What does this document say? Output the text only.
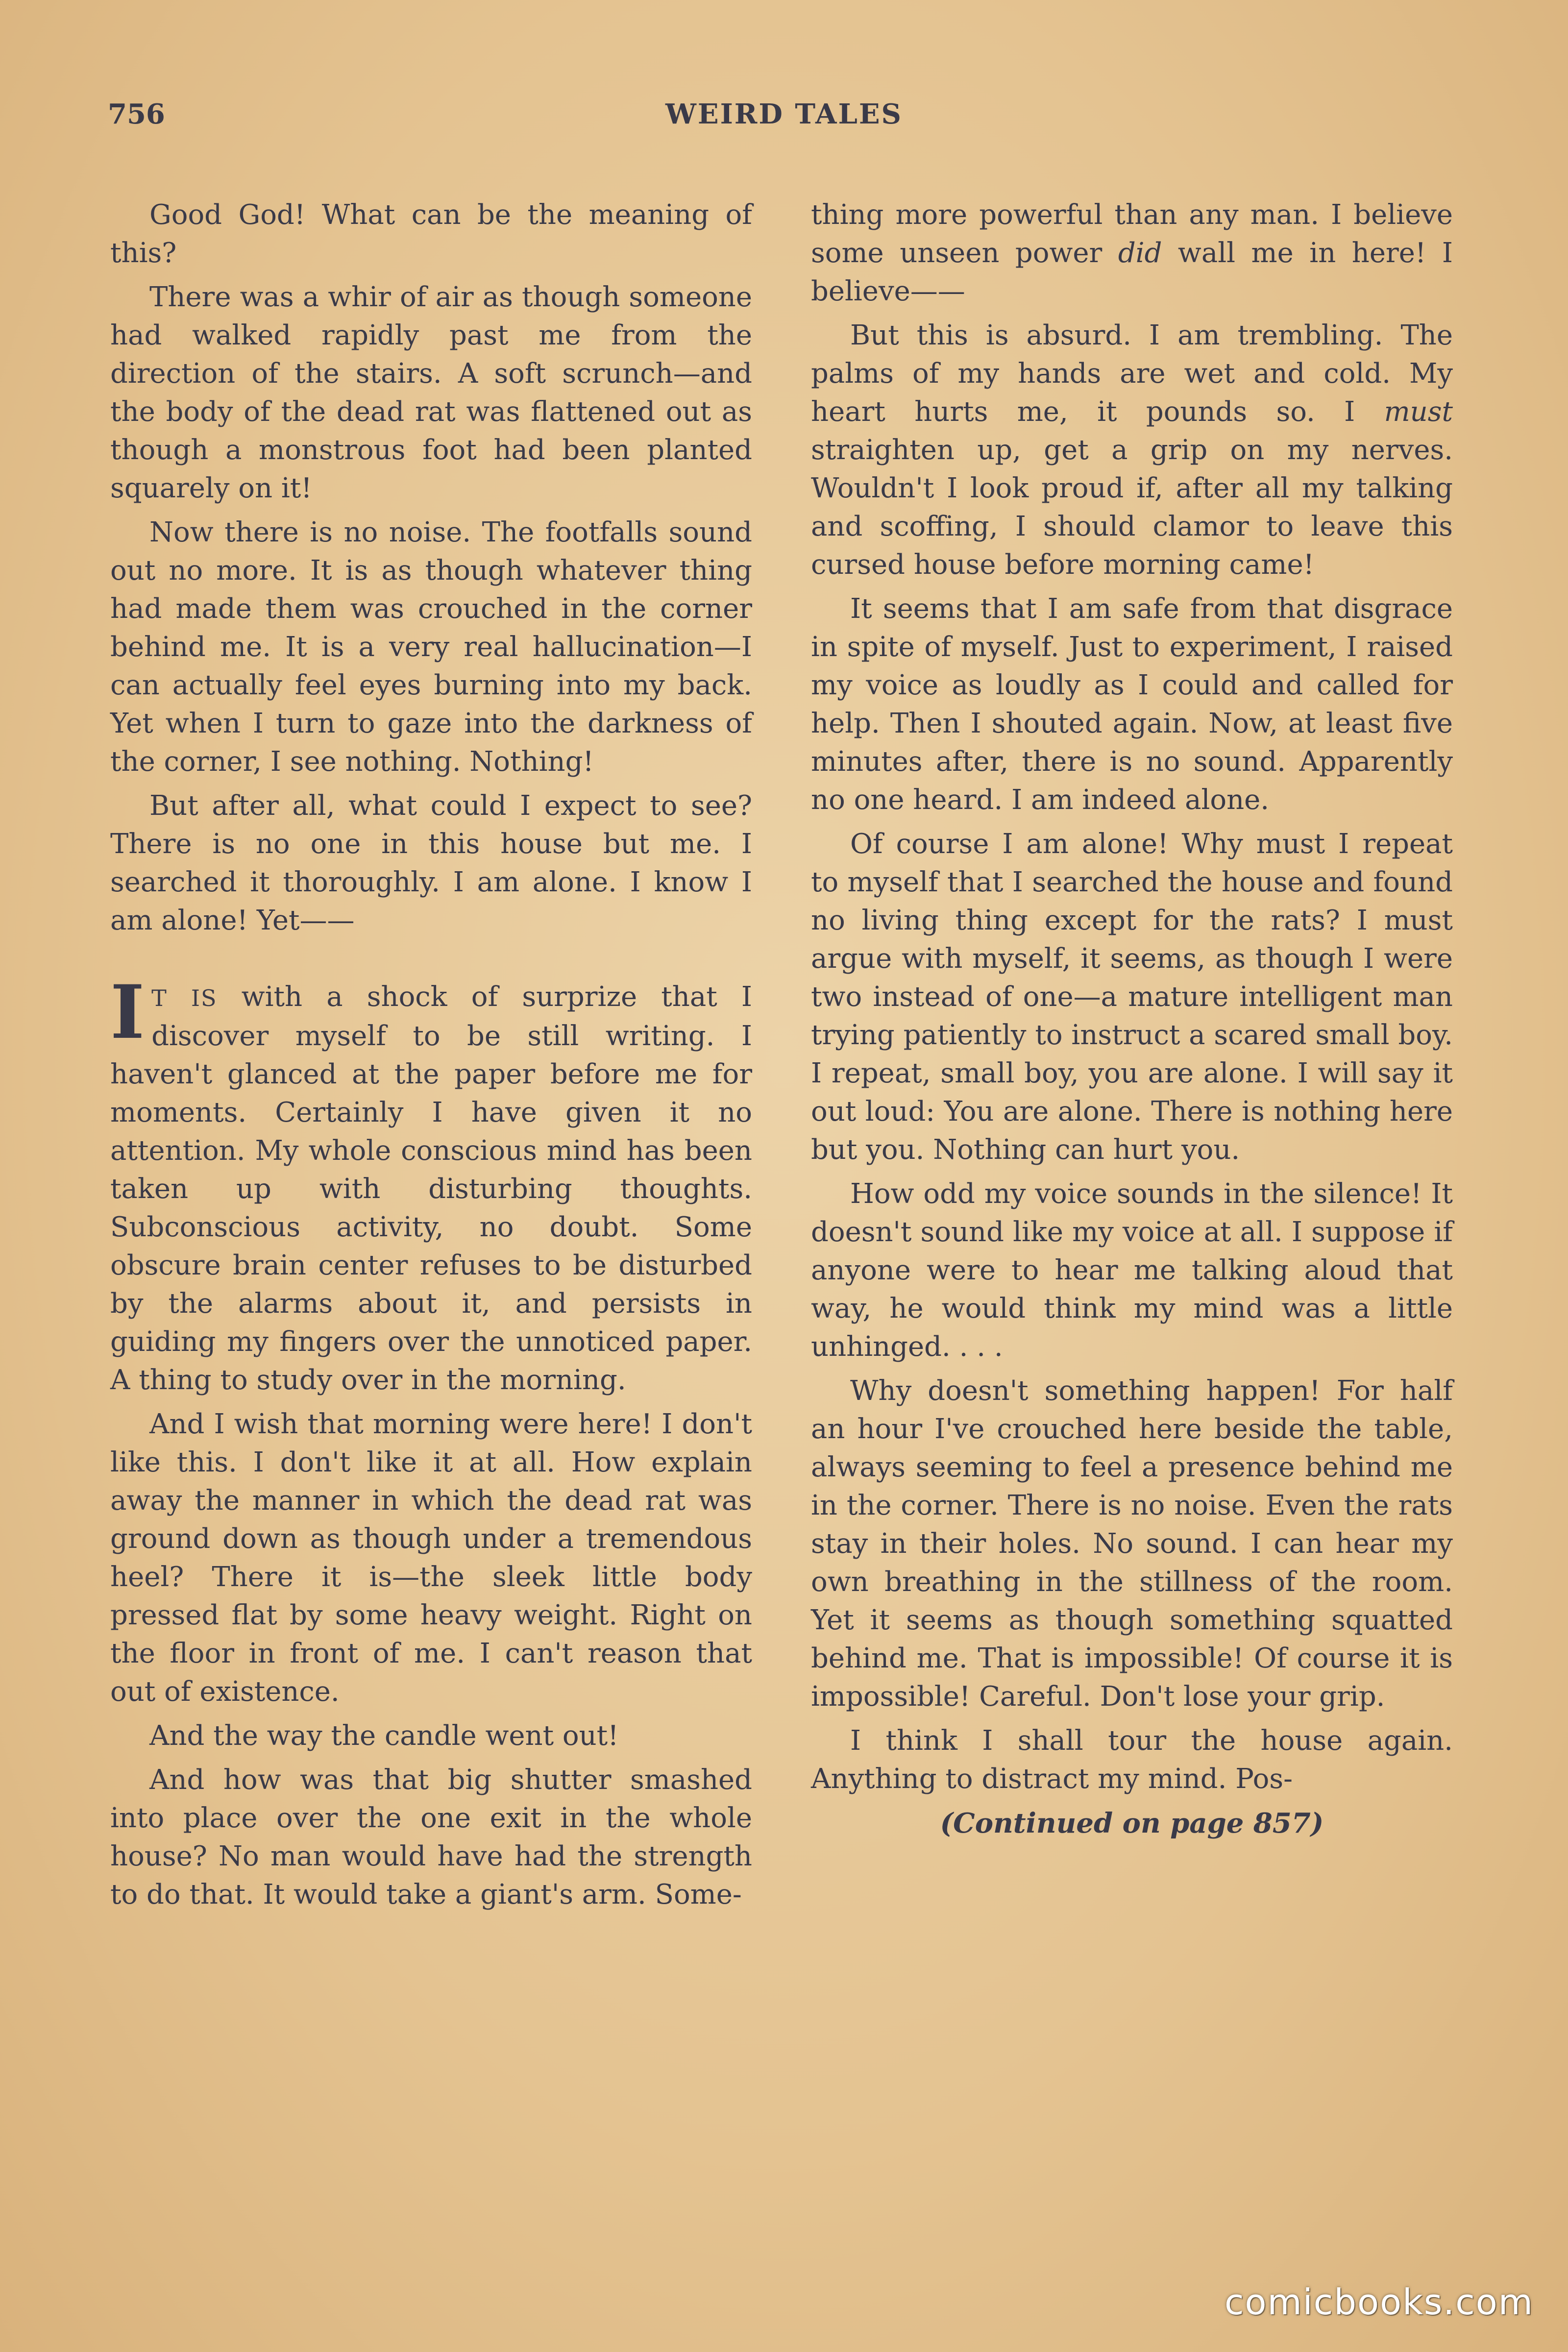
756	WEIRD TALES

Good God! What can be the meaning of this?

There was a whir of air as though someone had walked rapidly past me from the direction of the stairs. A soft scrunch—and the body of the dead rat was flattened out as though a monstrous foot had been planted squarely on it!

Now there is no noise. The footfalls sound out no more. It is as though whatever thing had made them was crouched in the corner behind me. It is a very real hallucination—I can actually feel eyes burning into my back. Yet when I turn to gaze into the darkness of the corner, I see nothing. Nothing!

But after all, what could I expect to see? There is no one in this house but me. I searched it thoroughly. I am alone. I know I am alone! Yet——

I T IS with a shock of surprize that I discover myself to be still writing. I haven't glanced at the paper before me for moments. Certainly I have given it no attention. My whole conscious mind has been taken up with disturbing thoughts. Subconscious activity, no doubt. Some obscure brain center refuses to be disturbed by the alarms about it, and persists in guiding my fingers over the unnoticed paper. A thing to study over in the morning.

And I wish that morning were here! I don't like this. I don't like it at all. How explain away the manner in which the dead rat was ground down as though under a tremendous heel? There it is—the sleek little body pressed flat by some heavy weight. Right on the floor in front of me. I can't reason that out of existence.

And the way the candle went out!

And how was that big shutter smashed into place over the one exit in the whole house? No man would have had the strength to do that. It would take a giant's arm. Some-

thing more powerful than any man. I believe some unseen power did wall me in here! I believe——

But this is absurd. I am trembling. The palms of my hands are wet and cold. My heart hurts me, it pounds so. I must straighten up, get a grip on my nerves. Wouldn't I look proud if, after all my talking and scoffing, I should clamor to leave this cursed house before morning came!

It seems that I am safe from that disgrace in spite of myself. Just to experiment, I raised my voice as loudly as I could and called for help. Then I shouted again. Now, at least five minutes after, there is no sound. Apparently no one heard. I am indeed alone.

Of course I am alone! Why must I repeat to myself that I searched the house and found no living thing except for the rats? I must argue with myself, it seems, as though I were two instead of one—a mature intelligent man trying patiently to instruct a scared small boy. I repeat, small boy, you are alone. I will say it out loud: You are alone. There is nothing here but you. Nothing can hurt you.

How odd my voice sounds in the silence! It doesn't sound like my voice at all. I suppose if anyone were to hear me talking aloud that way, he would think my mind was a little unhinged. . . .

Why doesn't something happen! For half an hour I've crouched here beside the table, always seeming to feel a presence behind me in the corner. There is no noise. Even the rats stay in their holes. No sound. I can hear my own breathing in the stillness of the room. Yet it seems as though something squatted behind me. That is impossible! Of course it is impossible! Careful. Don't lose your grip.

I think I shall tour the house again. Anything to distract my mind. Pos-

(Continued on page 857)

comicbooks.com
